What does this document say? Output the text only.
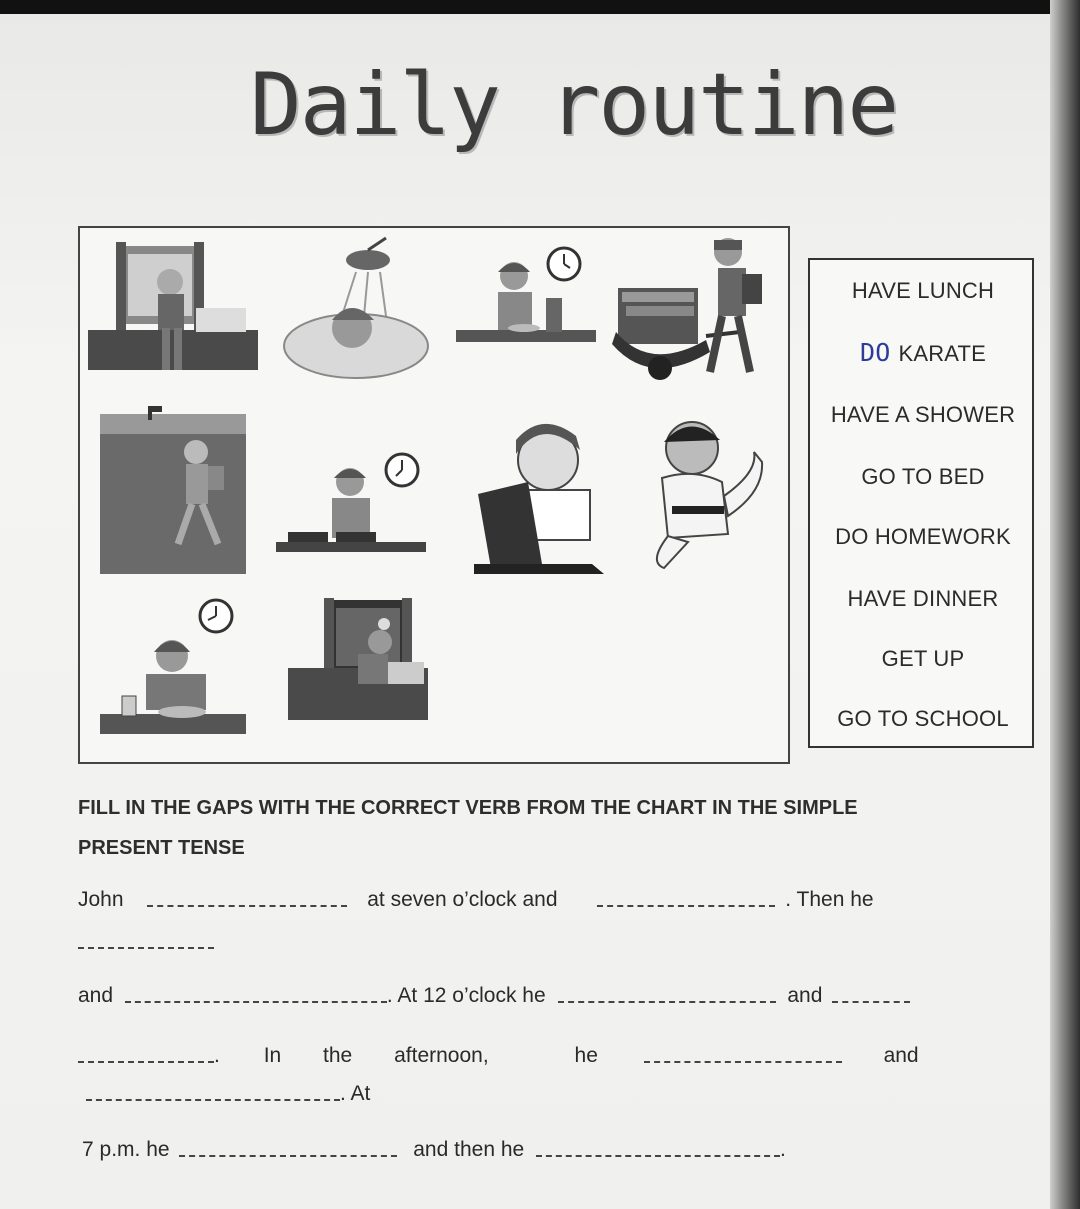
Daily routine
HAVE LUNCH
DO KARATE
HAVE A SHOWER
GO TO BED
DO HOMEWORK
HAVE DINNER
GET UP
GO TO SCHOOL
FILL IN THE GAPS WITH THE CORRECT VERB FROM THE CHART IN THE SIMPLE
PRESENT TENSE
John	at seven o’clock and	. Then he
and	. At 12 o’clock he	and
. In the afternoon,	he	and
. At
7 p.m. he	and then he	.
